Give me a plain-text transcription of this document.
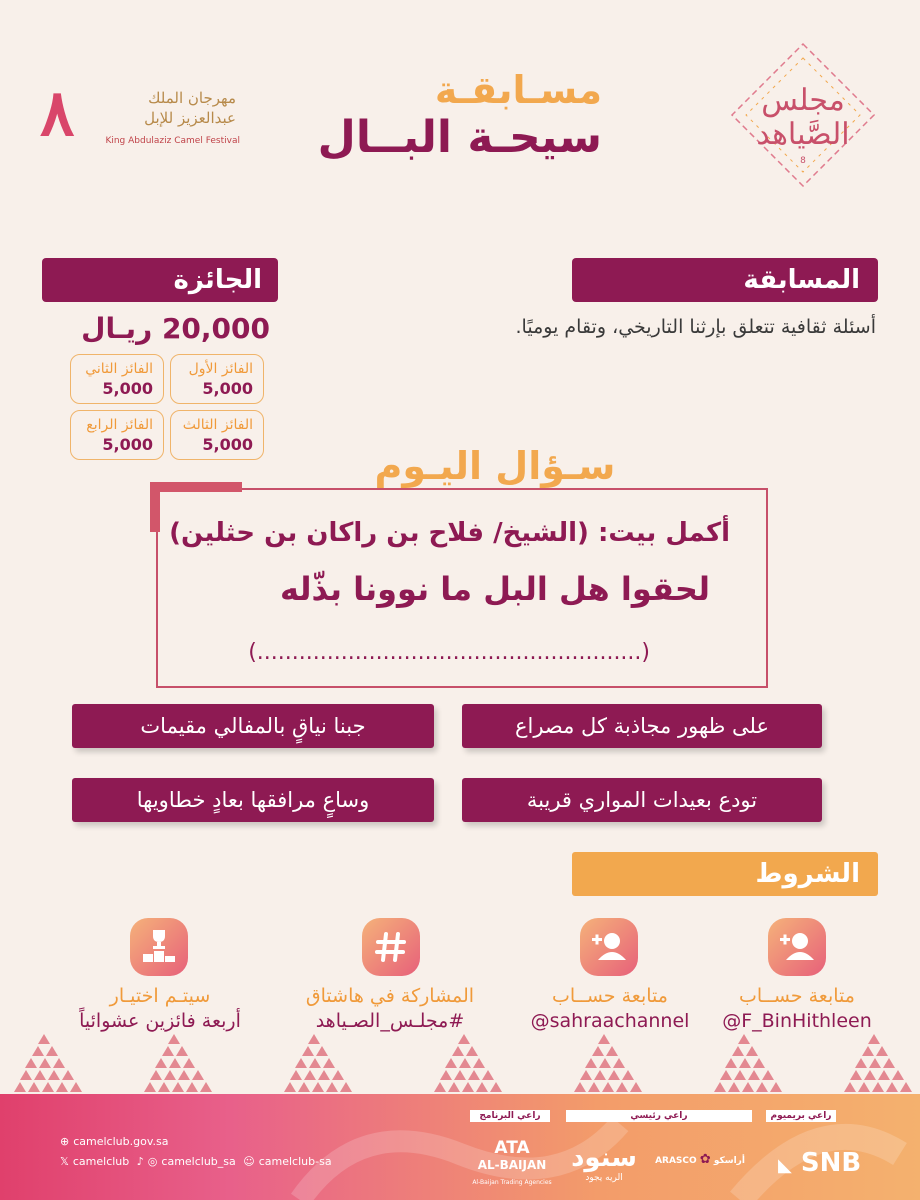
٨	مهرجان الملك
عبدالعزيز للإبل
King Abdulaziz Camel Festival
مسـابقـة
سيحـة البــال
مجلس
الصَّياهد
8
المسابقة
أسئلة ثقافية تتعلق بإرثنا التاريخي، وتقام يوميًا.
الجائزة
20,000 ريـال
الفائز الأول
5,000
الفائز الثاني
5,000
الفائز الثالث
5,000
الفائز الرابع
5,000	سـؤال اليـوم
أكمل بيت: (الشيخ/ فلاح بن راكان بن حثلين)
لحقوا هل البل ما نوونا بذّله
(.......................................................)
على ظهور مجاذبة كل مصراع
جبنا نياقٍ بالمفالي مقيمات
تودع بعيدات المواري قريبة
وساعٍ مرافقها بعادٍ خطاويها
الشروط
متابعة حســاب
@F_BinHithleen
متابعة حســاب
@sahraachannel
المشاركة في هاشتاق
#مجلـس_الصـياهد
سيتـم اختيـار
أربعة فائزين عشوائياً
⊕ camelclub.gov.sa
𝕏 camelclub ♪ ◎ camelclub_sa ☺ camelclub-sa
راعي البرنامج	راعي رئيسي	راعي بريميوم
ATA
AL-BAIJAN
Al-Baijan Trading Agencies
سنود
الريه يجود
ARASCO ✿ أراسكو ◣ SNB
